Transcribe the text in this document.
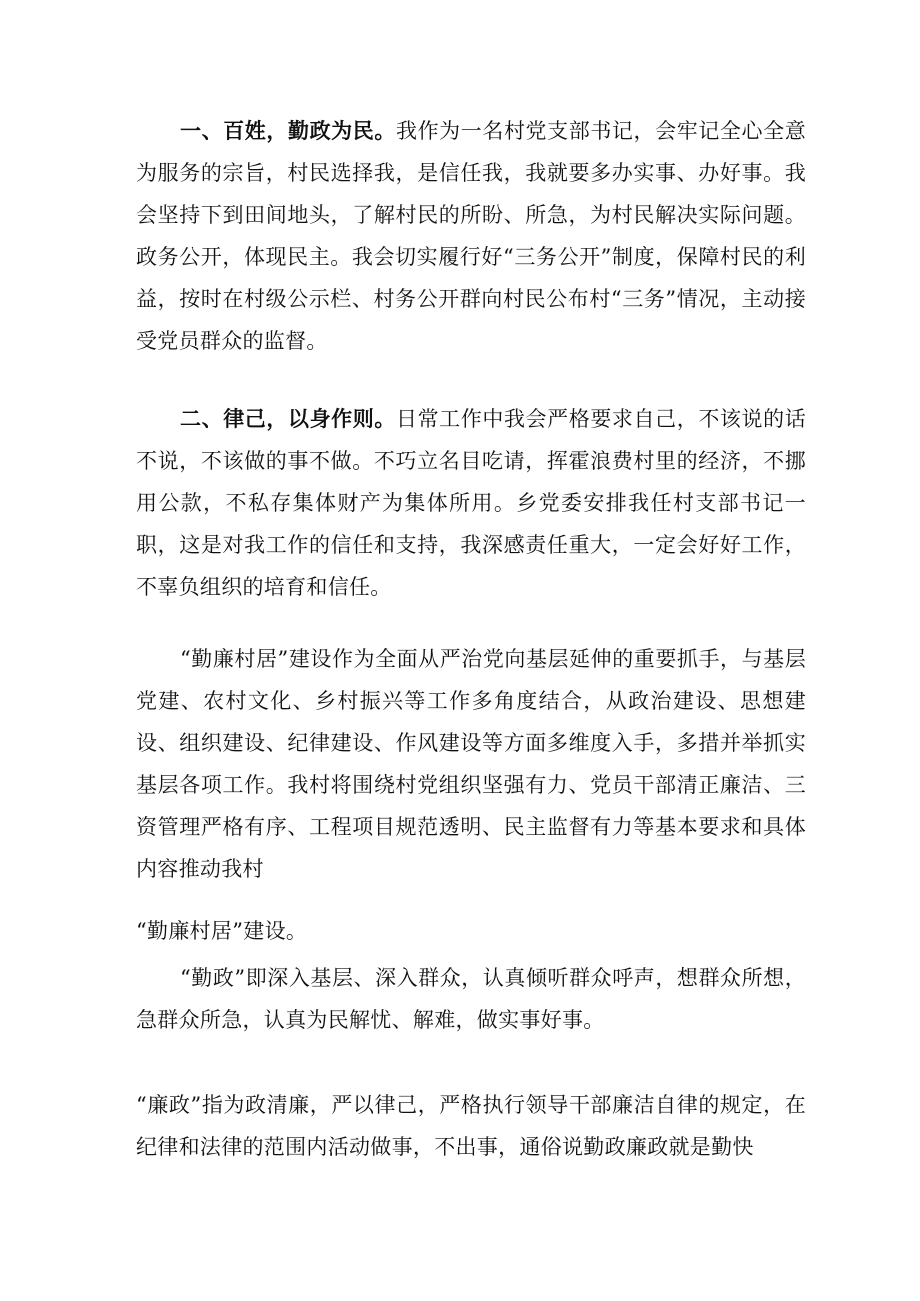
一、百姓，勤政为民。我作为一名村党支部书记，会牢记全心全意为服务的宗旨，村民选择我，是信任我，我就要多办实事、办好事。我会坚持下到田间地头，了解村民的所盼、所急，为村民解决实际问题。政务公开，体现民主。我会切实履行好“三务公开”制度，保障村民的利益，按时在村级公示栏、村务公开群向村民公布村“三务”情况，主动接受党员群众的监督。

二、律己，以身作则。日常工作中我会严格要求自己，不该说的话不说，不该做的事不做。不巧立名目吃请，挥霍浪费村里的经济，不挪用公款，不私存集体财产为集体所用。乡党委安排我任村支部书记一职，这是对我工作的信任和支持，我深感责任重大，一定会好好工作，不辜负组织的培育和信任。

“勤廉村居”建设作为全面从严治党向基层延伸的重要抓手，与基层党建、农村文化、乡村振兴等工作多角度结合，从政治建设、思想建设、组织建设、纪律建设、作风建设等方面多维度入手，多措并举抓实基层各项工作。我村将围绕村党组织坚强有力、党员干部清正廉洁、三资管理严格有序、工程项目规范透明、民主监督有力等基本要求和具体内容推动我村

“勤廉村居”建设。

“勤政”即深入基层、深入群众，认真倾听群众呼声，想群众所想，急群众所急，认真为民解忧、解难，做实事好事。

“廉政”指为政清廉，严以律己，严格执行领导干部廉洁自律的规定，在纪律和法律的范围内活动做事，不出事，通俗说勤政廉政就是勤快
